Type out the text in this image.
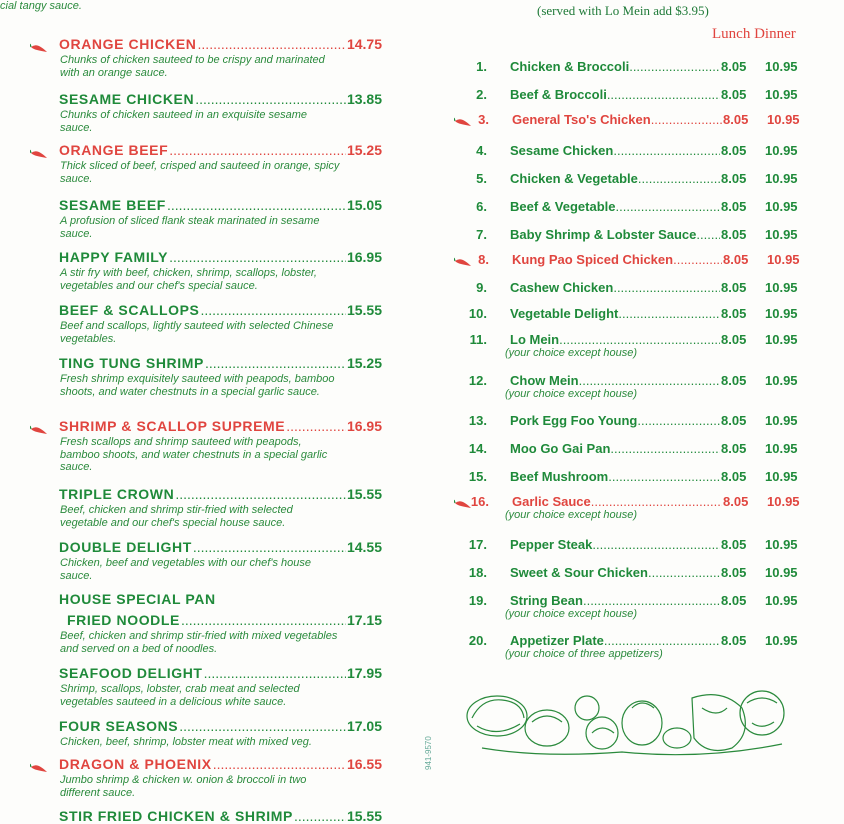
cial tangy sauce.
ORANGE CHICKEN .....	14.75
Chunks of chicken sauteed to be crispy and marinated with an orange sauce.
SESAME CHICKEN .....	13.85
Chunks of chicken sauteed in an exquisite sesame sauce.
ORANGE BEEF .....	15.25
Thick sliced of beef, crisped and sauteed in orange, spicy sauce.
SESAME BEEF .....	15.05
A profusion of sliced flank steak marinated in sesame sauce.
HAPPY FAMILY .....	16.95
A stir fry with beef, chicken, shrimp, scallops, lobster, vegetables and our chef's special sauce.
BEEF & SCALLOPS .....	15.55
Beef and scallops, lightly sauteed with selected Chinese vegetables.
TING TUNG SHRIMP .....	15.25
Fresh shrimp exquisitely sauteed with peapods, bamboo shoots, and water chestnuts in a special garlic sauce.
SHRIMP & SCALLOP SUPREME .....	16.95
Fresh scallops and shrimp sauteed with peapods, bamboo shoots, and water chestnuts in a special garlic sauce.
TRIPLE CROWN .....	15.55
Beef, chicken and shrimp stir-fried with selected vegetable and our chef's special house sauce.
DOUBLE DELIGHT .....	14.55
Chicken, beef and vegetables with our chef's house sauce.
HOUSE SPECIAL PAN
FRIED NOODLE .....	17.15
Beef, chicken and shrimp stir-fried with mixed vegetables and served on a bed of noodles.
SEAFOOD DELIGHT .....	17.95
Shrimp, scallops, lobster, crab meat and selected vegetables sauteed in a delicious white sauce.
FOUR SEASONS .....	17.05
Chicken, beef, shrimp, lobster meat with mixed veg.
DRAGON & PHOENIX .....	16.55
Jumbo shrimp & chicken w. onion & broccoli in two different sauce.
STIR FRIED CHICKEN & SHRIMP .....	15.55
(served with Lo Mein add $3.95)
Lunch Dinner
1. Chicken & Broccoli .....	8.05	10.95
2. Beef & Broccoli .....	8.05	10.95
3. General Tso's Chicken .....	8.05	10.95
4. Sesame Chicken .....	8.05	10.95
5. Chicken & Vegetable .....	8.05	10.95
6. Beef & Vegetable .....	8.05	10.95
7. Baby Shrimp & Lobster Sauce ..... 8.05	10.95
8. Kung Pao Spiced Chicken .....	8.05	10.95
9. Cashew Chicken .....	8.05	10.95
10. Vegetable Delight .....	8.05	10.95
11. Lo Mein .....	8.05	10.95
(your choice except house)
12. Chow Mein .....	8.05	10.95
(your choice except house)
13. Pork Egg Foo Young .....	8.05	10.95
14. Moo Go Gai Pan .....	8.05	10.95
15. Beef Mushroom .....	8.05	10.95
16. Garlic Sauce .....	8.05	10.95
(your choice except house)
17. Pepper Steak .....	8.05	10.95
18. Sweet & Sour Chicken .....	8.05	10.95
19. String Bean .....	8.05	10.95
(your choice except house)
20. Appetizer Plate .....	8.05	10.95
(your choice of three appetizers)
941-9570
